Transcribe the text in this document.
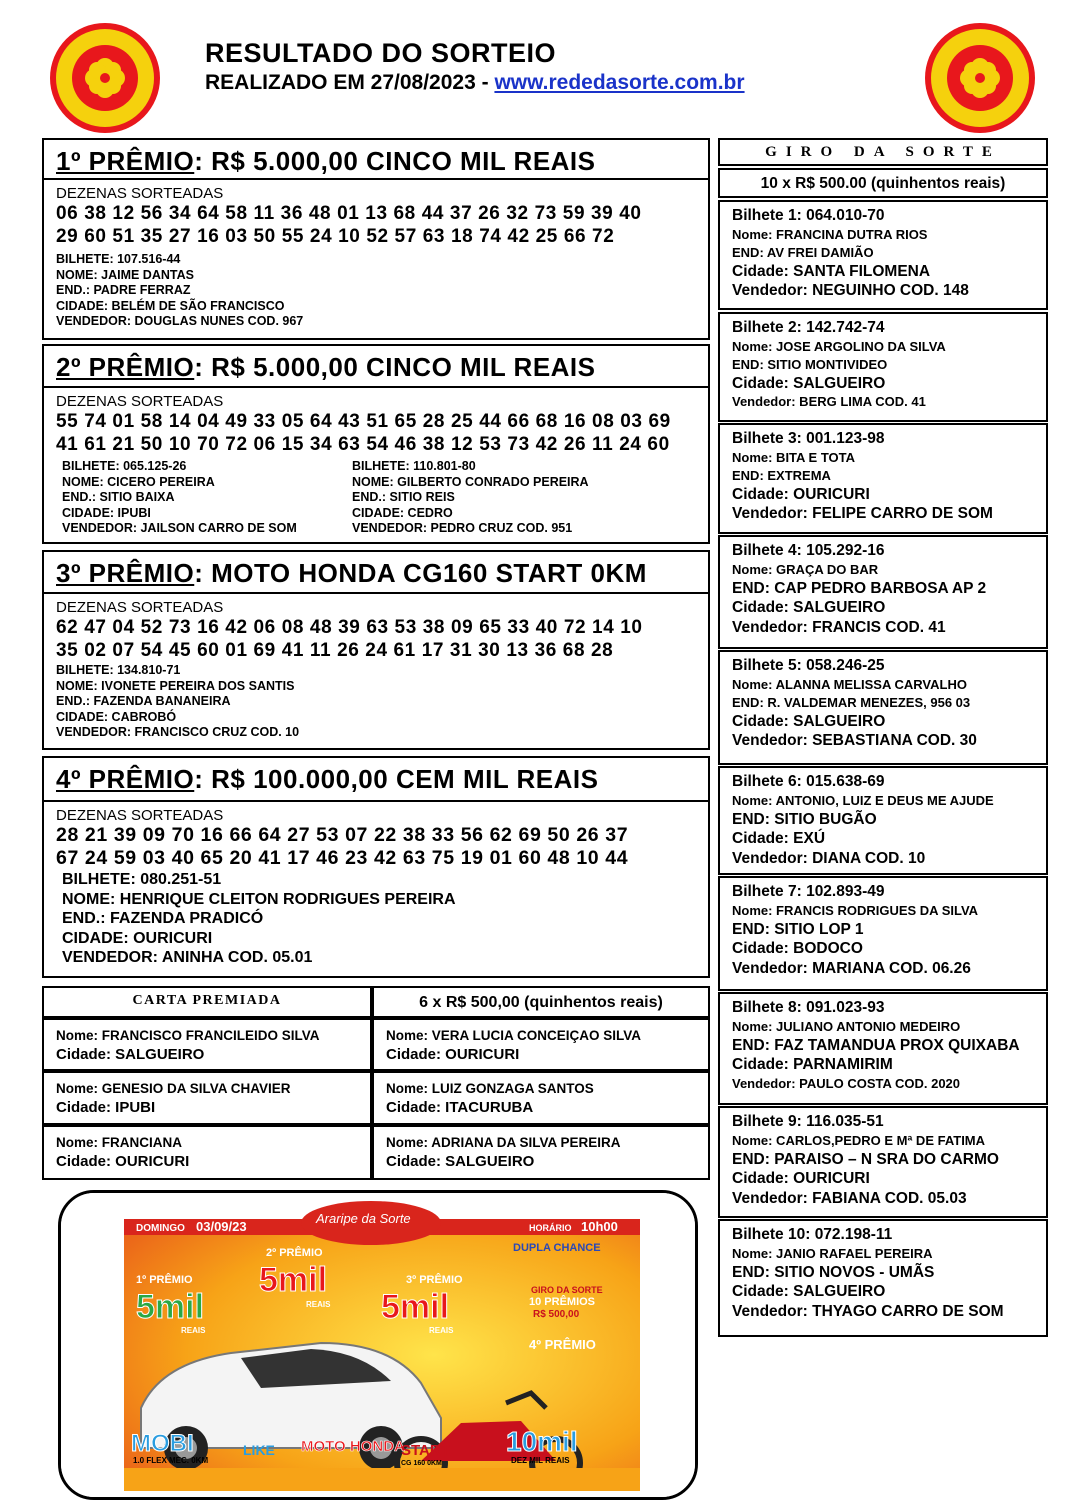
RESULTADO DO SORTEIO
REALIZADO EM 27/08/2023 - www.rededasorte.com.br
1º PRÊMIO: R$ 5.000,00 CINCO MIL REAIS
DEZENAS SORTEADAS
06 38 12 56 34 64 58 11 36 48 01 13 68 44 37 26 32 73 59 39 40
29 60 51 35 27 16 03 50 55 24 10 52 57 63 18 74 42 25 66 72
BILHETE: 107.516-44
NOME: JAIME DANTAS
END.: PADRE FERRAZ
CIDADE: BELÉM DE SÃO FRANCISCO
VENDEDOR: DOUGLAS NUNES COD. 967
2º PRÊMIO: R$ 5.000,00 CINCO MIL REAIS
DEZENAS SORTEADAS
55 74 01 58 14 04 49 33 05 64 43 51 65 28 25 44 66 68 16 08 03 69
41 61 21 50 10 70 72 06 15 34 63 54 46 38 12 53 73 42 26 11 24 60
BILHETE: 065.125-26
NOME: CICERO PEREIRA
END.: SITIO BAIXA
CIDADE: IPUBI
VENDEDOR: JAILSON CARRO DE SOM
BILHETE: 110.801-80
NOME: GILBERTO CONRADO PEREIRA
END.: SITIO REIS
CIDADE: CEDRO
VENDEDOR: PEDRO CRUZ COD. 951
3º PRÊMIO: MOTO HONDA CG160 START 0KM
DEZENAS SORTEADAS
62 47 04 52 73 16 42 06 08 48 39 63 53 38 09 65 33 40 72 14 10
35 02 07 54 45 60 01 69 41 11 26 24 61 17 31 30 13 36 68 28
BILHETE: 134.810-71
NOME: IVONETE PEREIRA DOS SANTIS
END.: FAZENDA BANANEIRA
CIDADE: CABROBÓ
VENDEDOR: FRANCISCO CRUZ COD. 10
4º PRÊMIO: R$ 100.000,00 CEM MIL REAIS
DEZENAS SORTEADAS
28 21 39 09 70 16 66 64 27 53 07 22 38 33 56 62 69 50 26 37
67 24 59 03 40 65 20 41 17 46 23 42 63 75 19 01 60 48 10 44
BILHETE: 080.251-51
NOME: HENRIQUE CLEITON RODRIGUES PEREIRA
END.: FAZENDA PRADICÓ
CIDADE: OURICURI
VENDEDOR: ANINHA COD. 05.01
GIRO DA SORTE
10 x R$ 500.00 (quinhentos reais)
Bilhete 1: 064.010-70
Nome: FRANCINA DUTRA RIOS
END: AV FREI DAMIÃO
Cidade: SANTA FILOMENA
Vendedor: NEGUINHO COD. 148
Bilhete 2: 142.742-74
Nome: JOSE ARGOLINO DA SILVA
END: SITIO MONTIVIDEO
Cidade: SALGUEIRO
Vendedor: BERG LIMA COD. 41
Bilhete 3: 001.123-98
Nome: BITA E TOTA
END: EXTREMA
Cidade: OURICURI
Vendedor: FELIPE CARRO DE SOM
Bilhete 4: 105.292-16
Nome: GRAÇA DO BAR
END: CAP PEDRO BARBOSA AP 2
Cidade: SALGUEIRO
Vendedor: FRANCIS COD. 41
Bilhete 5: 058.246-25
Nome: ALANNA MELISSA CARVALHO
END: R. VALDEMAR MENEZES, 956 03
Cidade: SALGUEIRO
Vendedor: SEBASTIANA COD. 30
Bilhete 6: 015.638-69
Nome: ANTONIO, LUIZ E DEUS ME AJUDE
END: SITIO BUGÃO
Cidade: EXÚ
Vendedor: DIANA COD. 10
Bilhete 7: 102.893-49
Nome: FRANCIS RODRIGUES DA SILVA
END: SITIO LOP 1
Cidade: BODOCO
Vendedor: MARIANA COD. 06.26
Bilhete 8: 091.023-93
Nome: JULIANO ANTONIO MEDEIRO
END: FAZ TAMANDUA PROX QUIXABA
Cidade: PARNAMIRIM
Vendedor: PAULO COSTA COD. 2020
Bilhete 9: 116.035-51
Nome: CARLOS,PEDRO E Mª DE FATIMA
END: PARAISO – N SRA DO CARMO
Cidade: OURICURI
Vendedor: FABIANA COD. 05.03
Bilhete 10: 072.198-11
Nome: JANIO RAFAEL PEREIRA
END: SITIO NOVOS - UMÃS
Cidade: SALGUEIRO
Vendedor: THYAGO CARRO DE SOM
CARTA PREMIADA	6 x R$ 500,00 (quinhentos reais)
Nome: FRANCISCO FRANCILEIDO SILVA
Cidade: SALGUEIRO
Nome: VERA LUCIA CONCEIÇAO SILVA
Cidade: OURICURI
Nome: GENESIO DA SILVA CHAVIER
Cidade: IPUBI
Nome: LUIZ GONZAGA SANTOS
Cidade: ITACURUBA
Nome: FRANCIANA
Cidade: OURICURI
Nome: ADRIANA DA SILVA PEREIRA
Cidade: SALGUEIRO
DOMINGO 03/09/23	HORÁRIO 10h00
Araripe da Sorte
1º PRÊMIO
5mil
REAIS
2º PRÊMIO
5mil
REAIS
3º PRÊMIO
5mil
REAIS
DUPLA CHANCE
GIRO DA SORTE
10 PRÊMIOS
R$ 500,00
4º PRÊMIO
MOBI
1.0 FLEX MEC. 0KM
LIKE MOTO HONDA
START
CG 160 0KM
10mil
DEZ MIL REAIS
